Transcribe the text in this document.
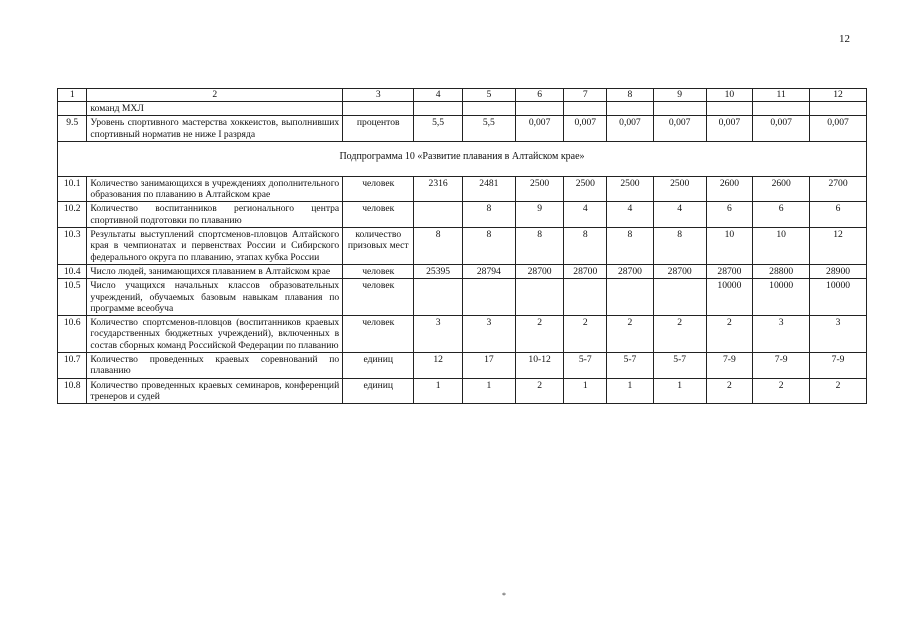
12
1	2	3	4	5	6	7	8	9	10	11	12
	команд МХЛ										
9.5	Уровень спортивного мастерства хоккеистов, выполнивших спортивный норматив не ниже I разряда	процентов	5,5	5,5	0,007	0,007	0,007	0,007	0,007	0,007	0,007
Подпрограмма 10 «Развитие плавания в Алтайском крае»											
10.1	Количество занимающихся в учреждениях дополнительного образования по плаванию в Алтайском крае	человек	2316	2481	2500	2500	2500	2500	2600	2600	2700
10.2	Количество воспитанников регионального центра спортивной подготовки по плаванию	человек		8	9	4	4	4	6	6	6
10.3	Результаты выступлений спортсменов-пловцов Алтайского края в чемпионатах и первенствах России и Сибирского федерального округа по плаванию, этапах кубка России	количество призовых мест	8	8	8	8	8	8	10	10	12
10.4	Число людей, занимающихся плаванием в Алтайском крае	человек	25395	28794	28700	28700	28700	28700	28700	28800	28900
10.5	Число учащихся начальных классов образовательных учреждений, обучаемых базовым навыкам плавания по программе всеобуча	человек							10000	10000	10000
10.6	Количество спортсменов-пловцов (воспитанников краевых государственных бюджетных учреждений), включенных в состав сборных команд Российской Федерации по плаванию	человек	3	3	2	2	2	2	2	3	3
10.7	Количество проведенных краевых соревнований по плаванию	единиц	12	17	10-12	5-7	5-7	5-7	7-9	7-9	7-9
10.8	Количество проведенных краевых семинаров, конференций тренеров и судей	единиц	1	1	2	1	1	1	2	2	2
*
